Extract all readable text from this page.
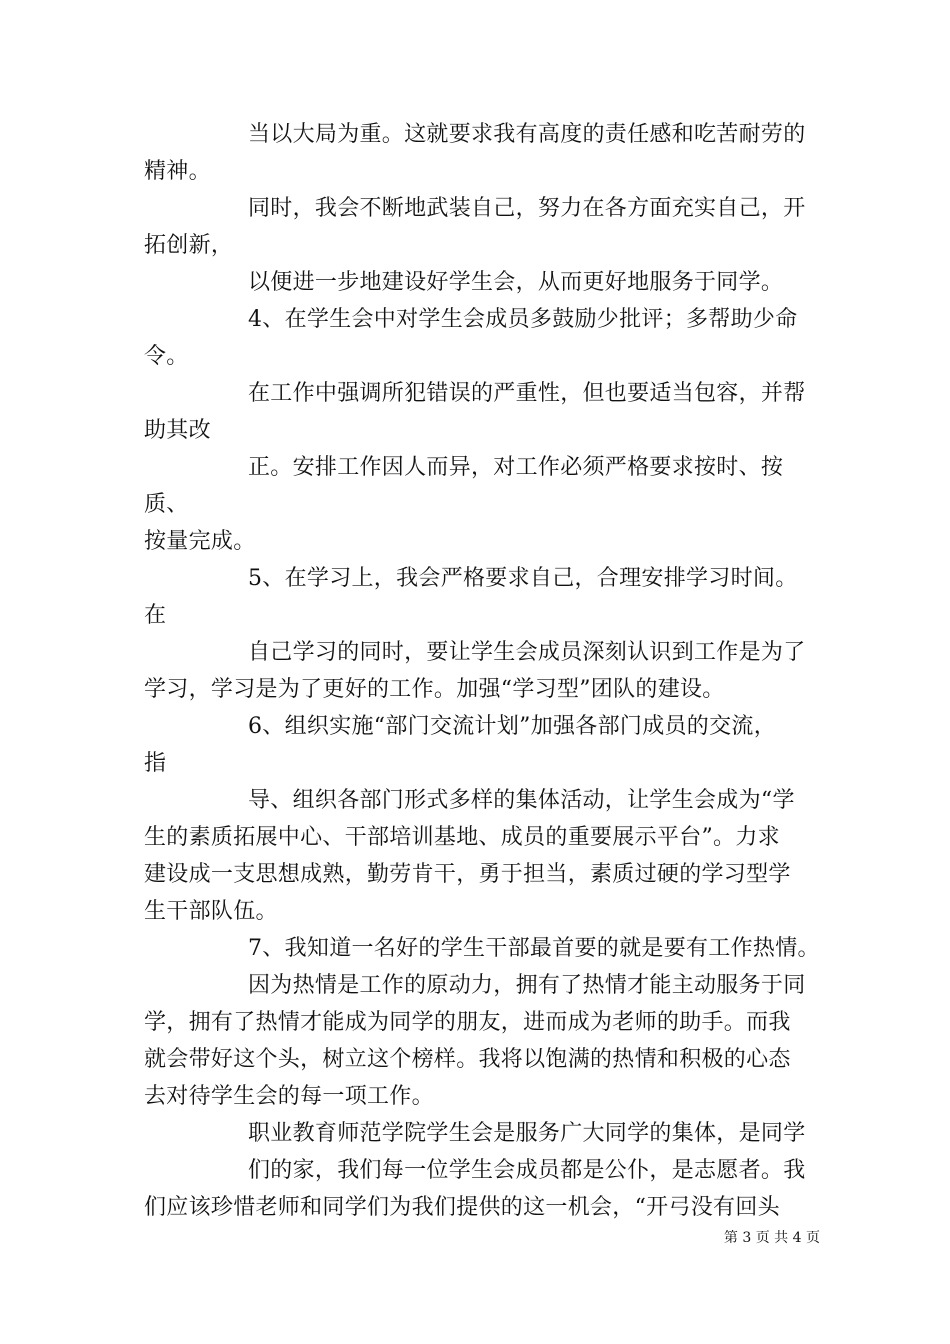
当以大局为重。这就要求我有高度的责任感和吃苦耐劳的

精神。

同时，我会不断地武装自己，努力在各方面充实自己，开

拓创新，

以便进一步地建设好学生会，从而更好地服务于同学。

4、在学生会中对学生会成员多鼓励少批评；多帮助少命

令。

在工作中强调所犯错误的严重性，但也要适当包容，并帮

助其改

正。安排工作因人而异，对工作必须严格要求按时、按质、

按量完成。

5、在学习上，我会严格要求自己，合理安排学习时间。

在

自己学习的同时，要让学生会成员深刻认识到工作是为了

学习，学习是为了更好的工作。加强“学习型”团队的建设。

6、组织实施“部门交流计划”加强各部门成员的交流，

指

导、组织各部门形式多样的集体活动，让学生会成为“学

生的素质拓展中心、干部培训基地、成员的重要展示平台”。力求

建设成一支思想成熟，勤劳肯干，勇于担当，素质过硬的学习型学

生干部队伍。

7、我知道一名好的学生干部最首要的就是要有工作热情。

因为热情是工作的原动力，拥有了热情才能主动服务于同

学，拥有了热情才能成为同学的朋友，进而成为老师的助手。而我

就会带好这个头，树立这个榜样。我将以饱满的热情和积极的心态

去对待学生会的每一项工作。

职业教育师范学院学生会是服务广大同学的集体，是同学

们的家，我们每一位学生会成员都是公仆，是志愿者。我

们应该珍惜老师和同学们为我们提供的这一机会，“开弓没有回头

第 3 页 共 4 页
